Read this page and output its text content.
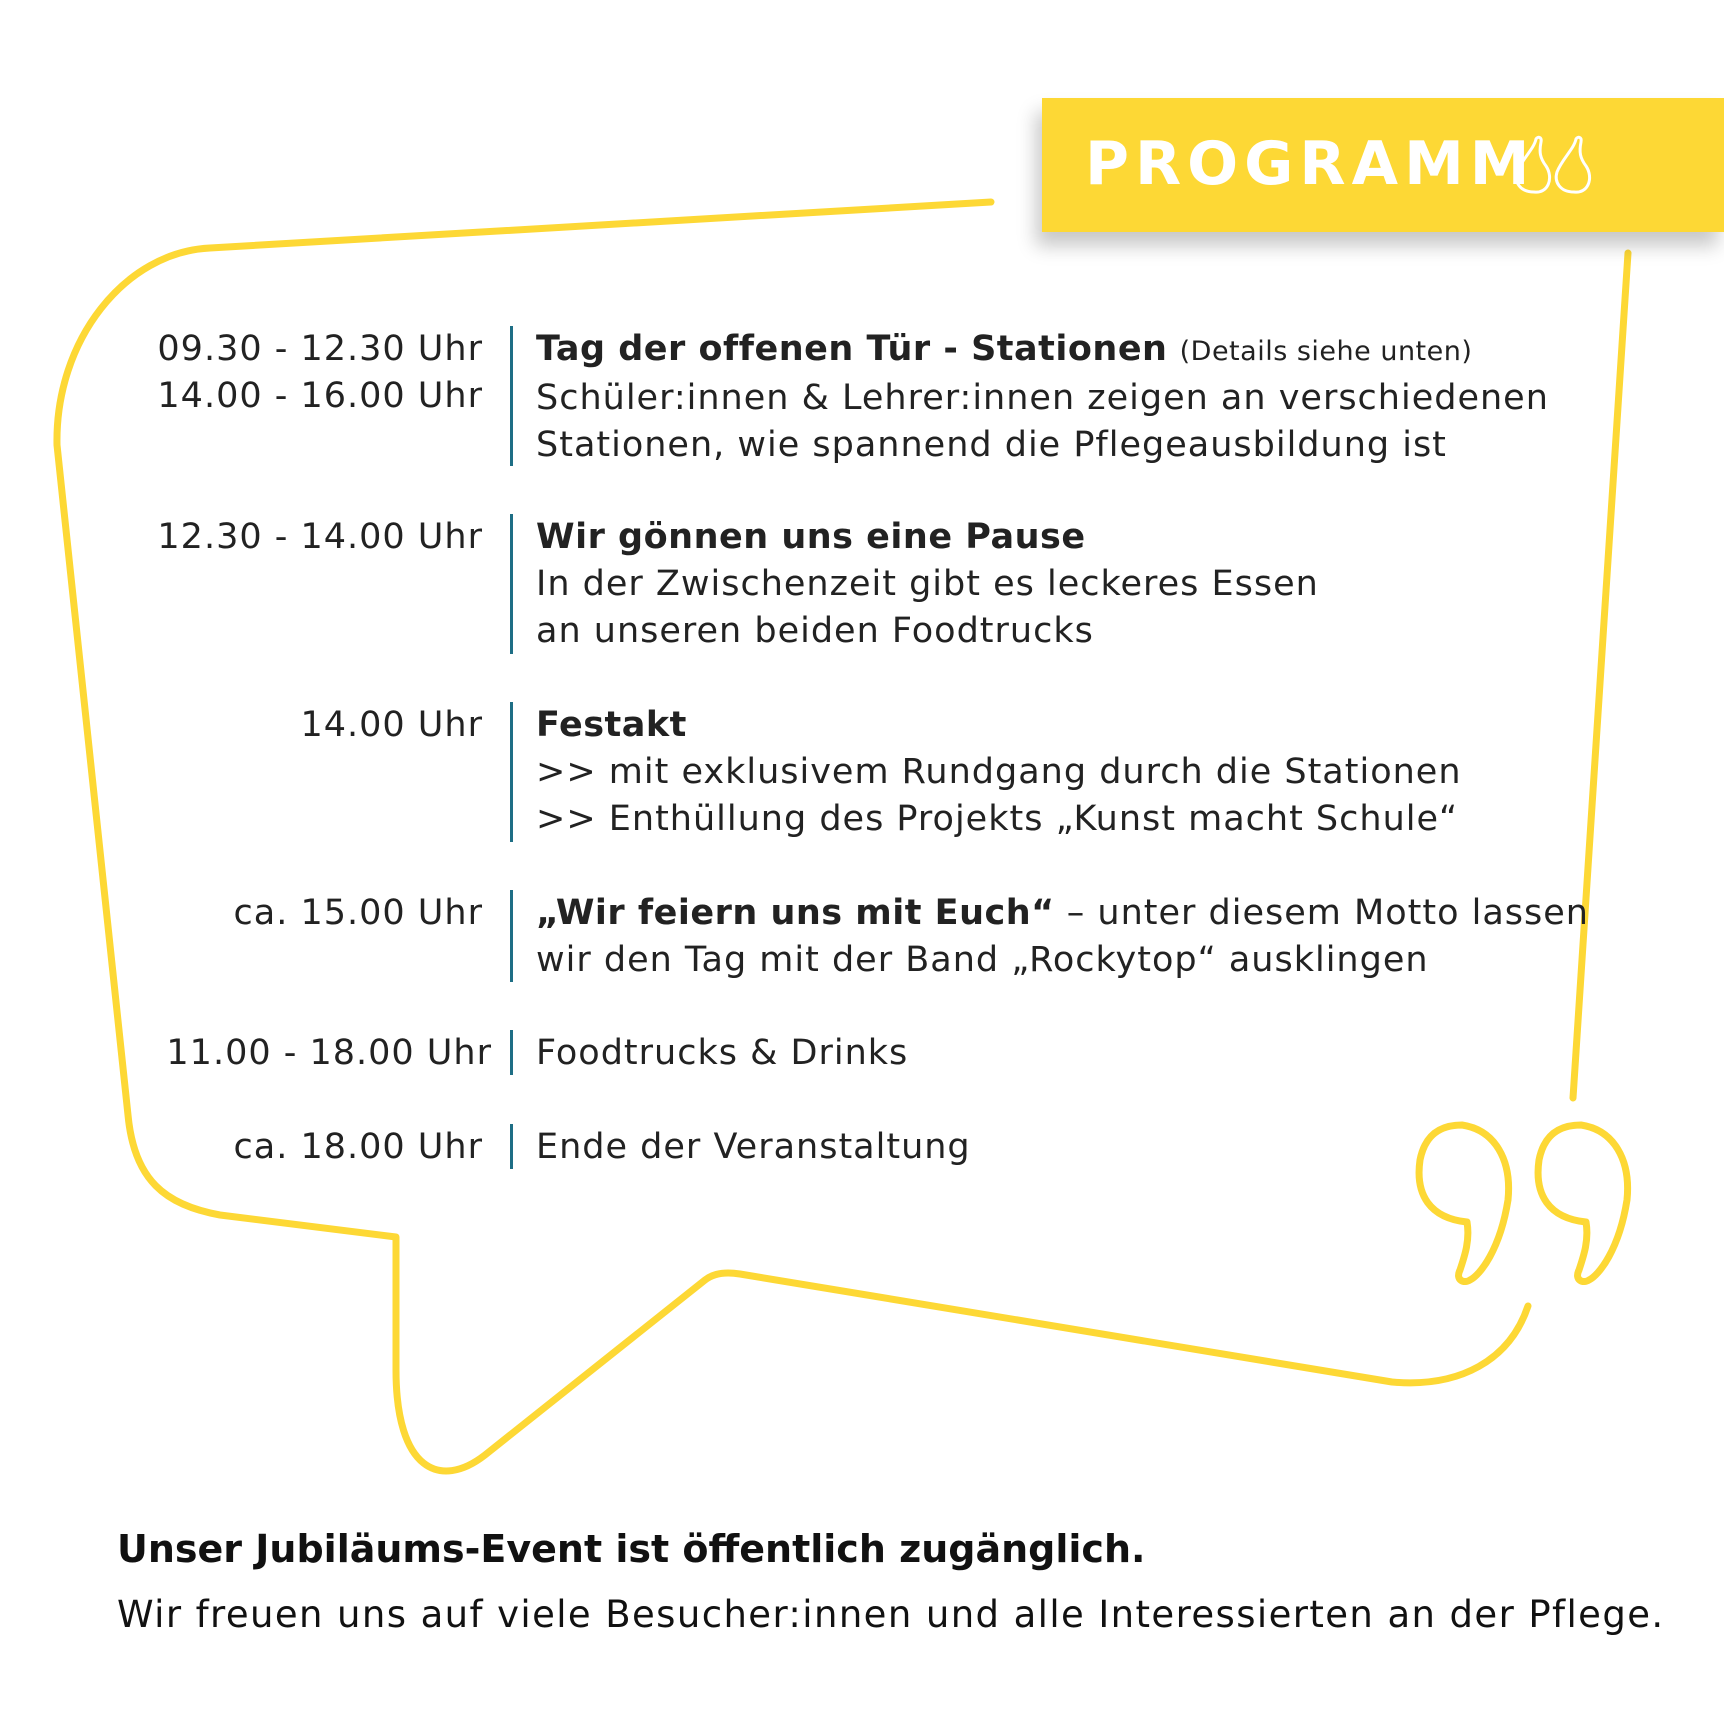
PROGRAMM
09.30 - 12.30 Uhr
14.00 - 16.00 Uhr
Tag der offenen Tür - Stationen (Details siehe unten)
Schüler:innen & Lehrer:innen zeigen an verschiedenen
Stationen, wie spannend die Pflegeausbildung ist
12.30 - 14.00 Uhr Wir gönnen uns eine Pause
In der Zwischenzeit gibt es leckeres Essen
an unseren beiden Foodtrucks
14.00 Uhr Festakt
>> mit exklusivem Rundgang durch die Stationen
>> Enthüllung des Projekts „Kunst macht Schule“
ca. 15.00 Uhr „Wir feiern uns mit Euch“ – unter diesem Motto lassen
wir den Tag mit der Band „Rockytop“ ausklingen
11.00 - 18.00 Uhr Foodtrucks & Drinks
ca. 18.00 Uhr Ende der Veranstaltung
Unser Jubiläums-Event ist öffentlich zugänglich.
Wir freuen uns auf viele Besucher:innen und alle Interessierten an der Pflege.
